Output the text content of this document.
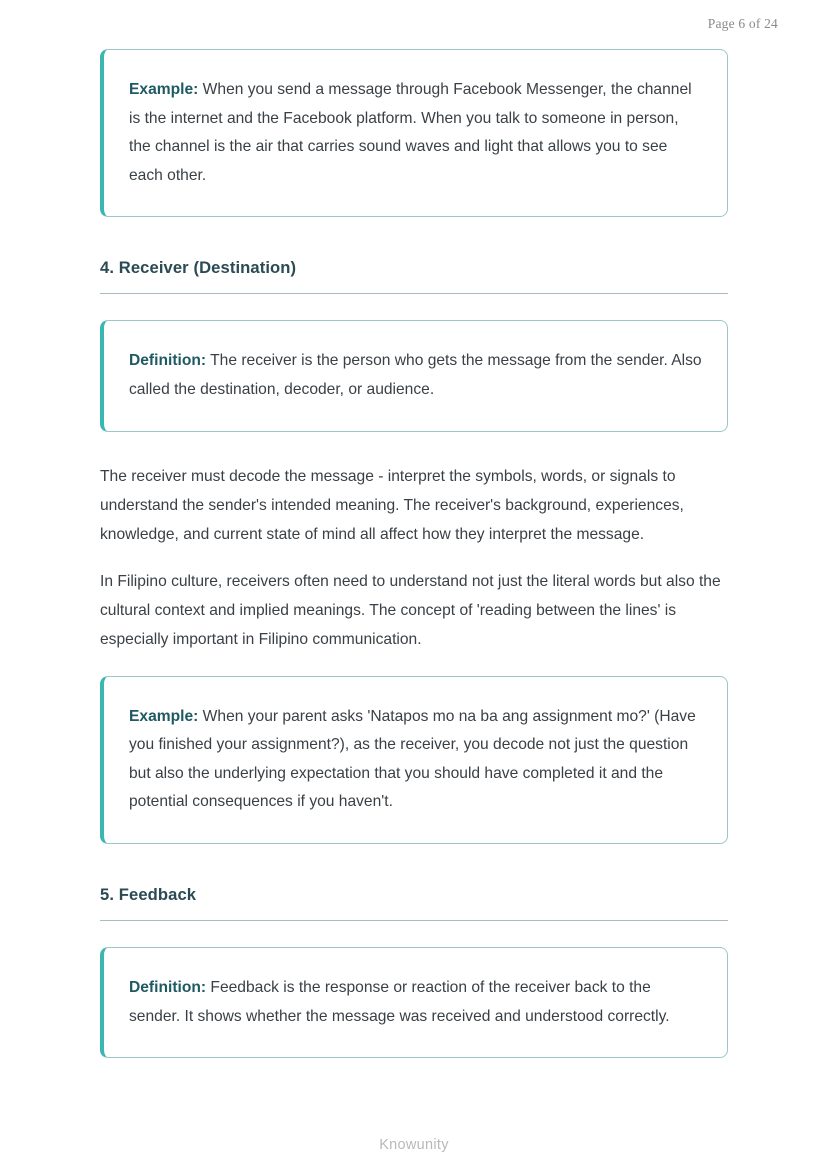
Page 6 of 24

Example: When you send a message through Facebook Messenger, the channel is the internet and the Facebook platform. When you talk to someone in person, the channel is the air that carries sound waves and light that allows you to see each other.

4. Receiver (Destination)

Definition: The receiver is the person who gets the message from the sender. Also called the destination, decoder, or audience.

The receiver must decode the message - interpret the symbols, words, or signals to understand the sender's intended meaning. The receiver's background, experiences, knowledge, and current state of mind all affect how they interpret the message.

In Filipino culture, receivers often need to understand not just the literal words but also the cultural context and implied meanings. The concept of 'reading between the lines' is especially important in Filipino communication.

Example: When your parent asks 'Natapos mo na ba ang assignment mo?' (Have you finished your assignment?), as the receiver, you decode not just the question but also the underlying expectation that you should have completed it and the potential consequences if you haven't.

5. Feedback

Definition: Feedback is the response or reaction of the receiver back to the sender. It shows whether the message was received and understood correctly.

Knowunity
